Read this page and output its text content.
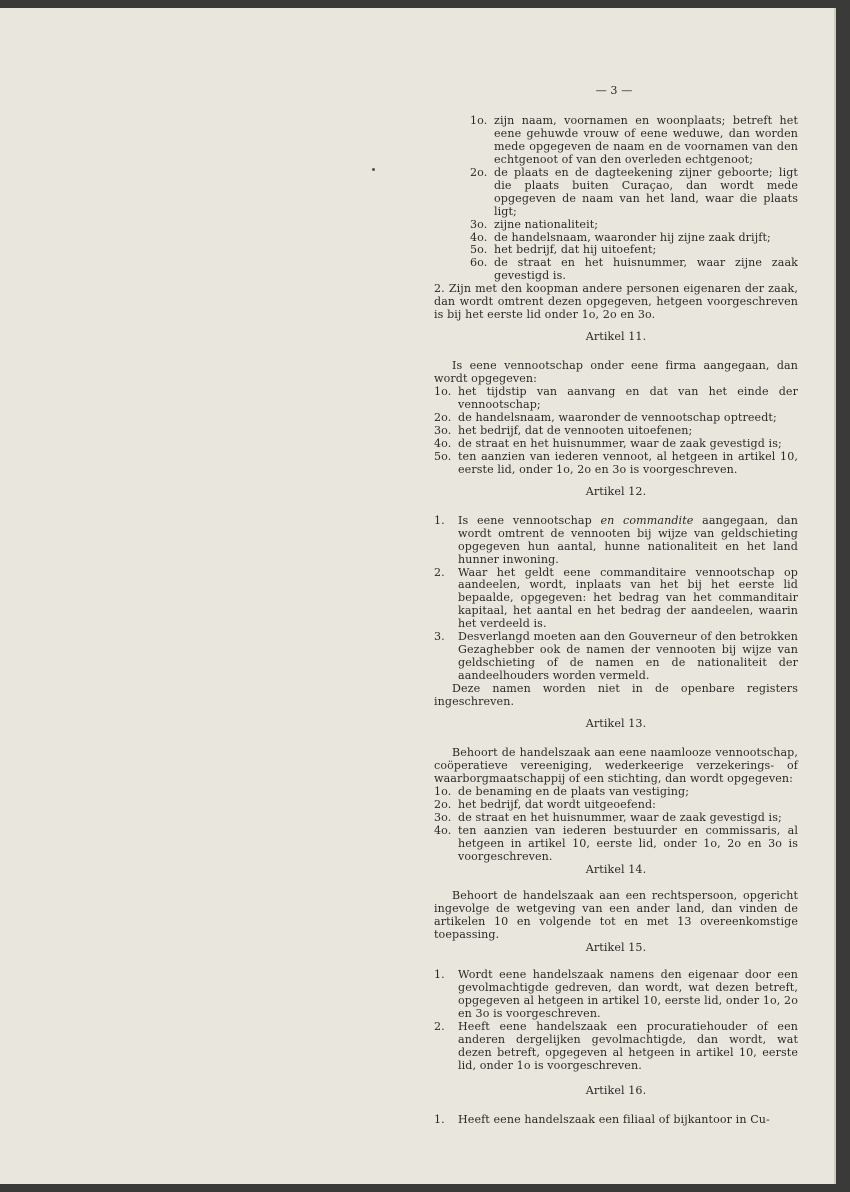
— 3 —
1o. zijn naam, voornamen en woonplaats; betreft het eene gehuwde vrouw of eene weduwe, dan worden mede opgegeven de naam en de voornamen van den echtgenoot of van den overleden echtgenoot;
2o. de plaats en de dagteekening zijner geboorte; ligt die plaats buiten Curaçao, dan wordt mede opgegeven de naam van het land, waar die plaats ligt;
3o. zijne nationaliteit;
4o. de handelsnaam, waaronder hij zijne zaak drijft;
5o. het bedrijf, dat hij uitoefent;
6o. de straat en het huisnummer, waar zijne zaak gevestigd is.
2. Zijn met den koopman andere personen eigenaren der zaak, dan wordt omtrent dezen opgegeven, hetgeen voorgeschreven is bij het eerste lid onder 1o, 2o en 3o.
Artikel 11.
Is eene vennootschap onder eene firma aangegaan, dan wordt opgegeven:
1o. het tijdstip van aanvang en dat van het einde der vennootschap;
2o. de handelsnaam, waaronder de vennootschap optreedt;
3o. het bedrijf, dat de vennooten uitoefenen;
4o. de straat en het huisnummer, waar de zaak gevestigd is;
5o. ten aanzien van iederen vennoot, al hetgeen in artikel 10, eerste lid, onder 1o, 2o en 3o is voorgeschreven.
Artikel 12.
1.	Is eene vennootschap en commandite aangegaan, dan wordt omtrent de vennooten bij wijze van geldschieting opgegeven hun aantal, hunne nationaliteit en het land hunner inwoning.
2.	Waar het geldt eene commanditaire vennootschap op aandeelen, wordt, inplaats van het bij het eerste lid bepaalde, opgegeven: het bedrag van het commanditair kapitaal, het aantal en het bedrag der aandeelen, waarin het verdeeld is.
3.	Desverlangd moeten aan den Gouverneur of den betrokken Gezaghebber ook de namen der vennooten bij wijze van geldschieting of de namen en de nationaliteit der aandeelhouders worden vermeld.
Deze namen worden niet in de openbare registers ingeschreven.
Artikel 13.
Behoort de handelszaak aan eene naamlooze vennootschap, coöperatieve vereeniging, wederkeerige verzekerings- of waarborgmaatschappij of een stichting, dan wordt opgegeven:
1o. de benaming en de plaats van vestiging;
2o. het bedrijf, dat wordt uitgeoefend:
3o. de straat en het huisnummer, waar de zaak gevestigd is;
4o. ten aanzien van iederen bestuurder en commissaris, al hetgeen in artikel 10, eerste lid, onder 1o, 2o en 3o is voorgeschreven.
Artikel 14.
Behoort de handelszaak aan een rechtspersoon, opgericht ingevolge de wetgeving van een ander land, dan vinden de artikelen 10 en volgende tot en met 13 overeenkomstige toepassing.
Artikel 15.
1.	Wordt eene handelszaak namens den eigenaar door een gevolmachtigde gedreven, dan wordt, wat dezen betreft, opgegeven al hetgeen in artikel 10, eerste lid, onder 1o, 2o en 3o is voorgeschreven.
2.	Heeft eene handelszaak een procuratiehouder of een anderen dergelijken gevolmachtigde, dan wordt, wat dezen betreft, opgegeven al hetgeen in artikel 10, eerste lid, onder 1o is voorgeschreven.
Artikel 16.
1.	Heeft eene handelszaak een filiaal of bijkantoor in Cu-
